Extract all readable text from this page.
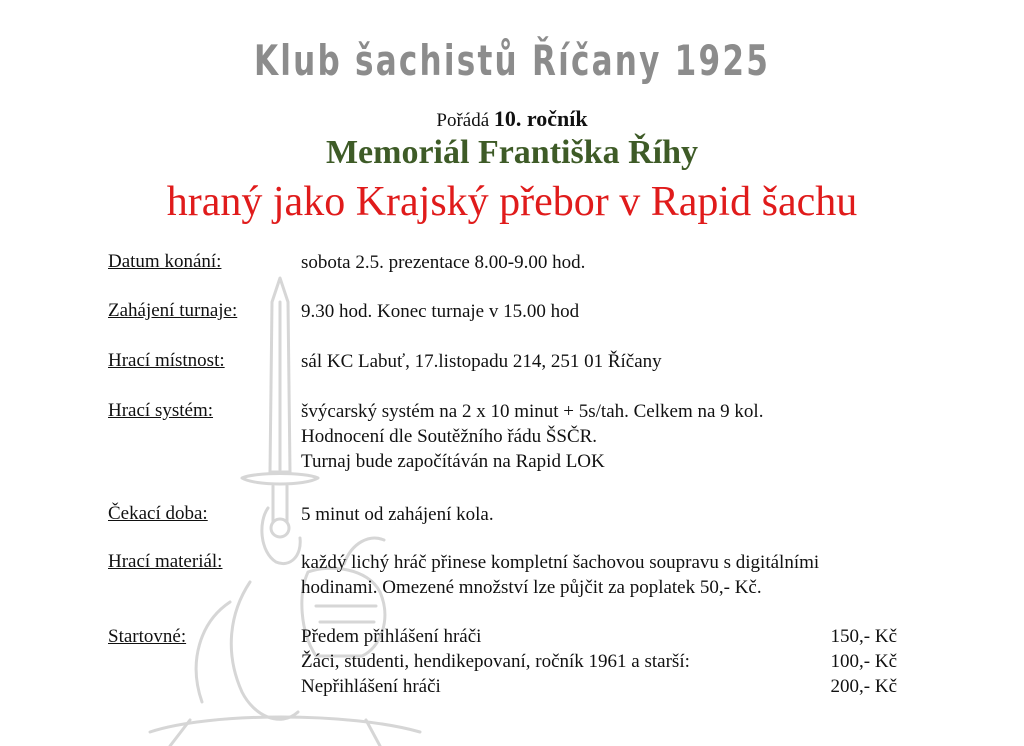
Klub šachistů Říčany 1925
Pořádá 10. ročník
Memoriál Františka Říhy
hraný jako Krajský přebor v Rapid šachu
Datum konání:	sobota 2.5. prezentace 8.00-9.00 hod.
Zahájení turnaje:	9.30 hod. Konec turnaje v 15.00 hod
Hrací místnost:	sál KC Labuť, 17.listopadu 214, 251 01 Říčany
Hrací systém:	švýcarský systém na 2 x 10 minut + 5s/tah. Celkem na 9 kol.
Hodnocení dle Soutěžního řádu ŠSČR.
Turnaj bude započítáván na Rapid LOK
Čekací doba:	5 minut od zahájení kola.
Hrací materiál:	každý lichý hráč přinese kompletní šachovou soupravu s digitálními
hodinami. Omezené množství lze půjčit za poplatek 50,- Kč.
Startovné:	Předem přihlášení hráči	150,- Kč
Žáci, studenti, hendikepovaní, ročník 1961 a starší:	100,- Kč
Nepřihlášení hráči	200,- Kč
